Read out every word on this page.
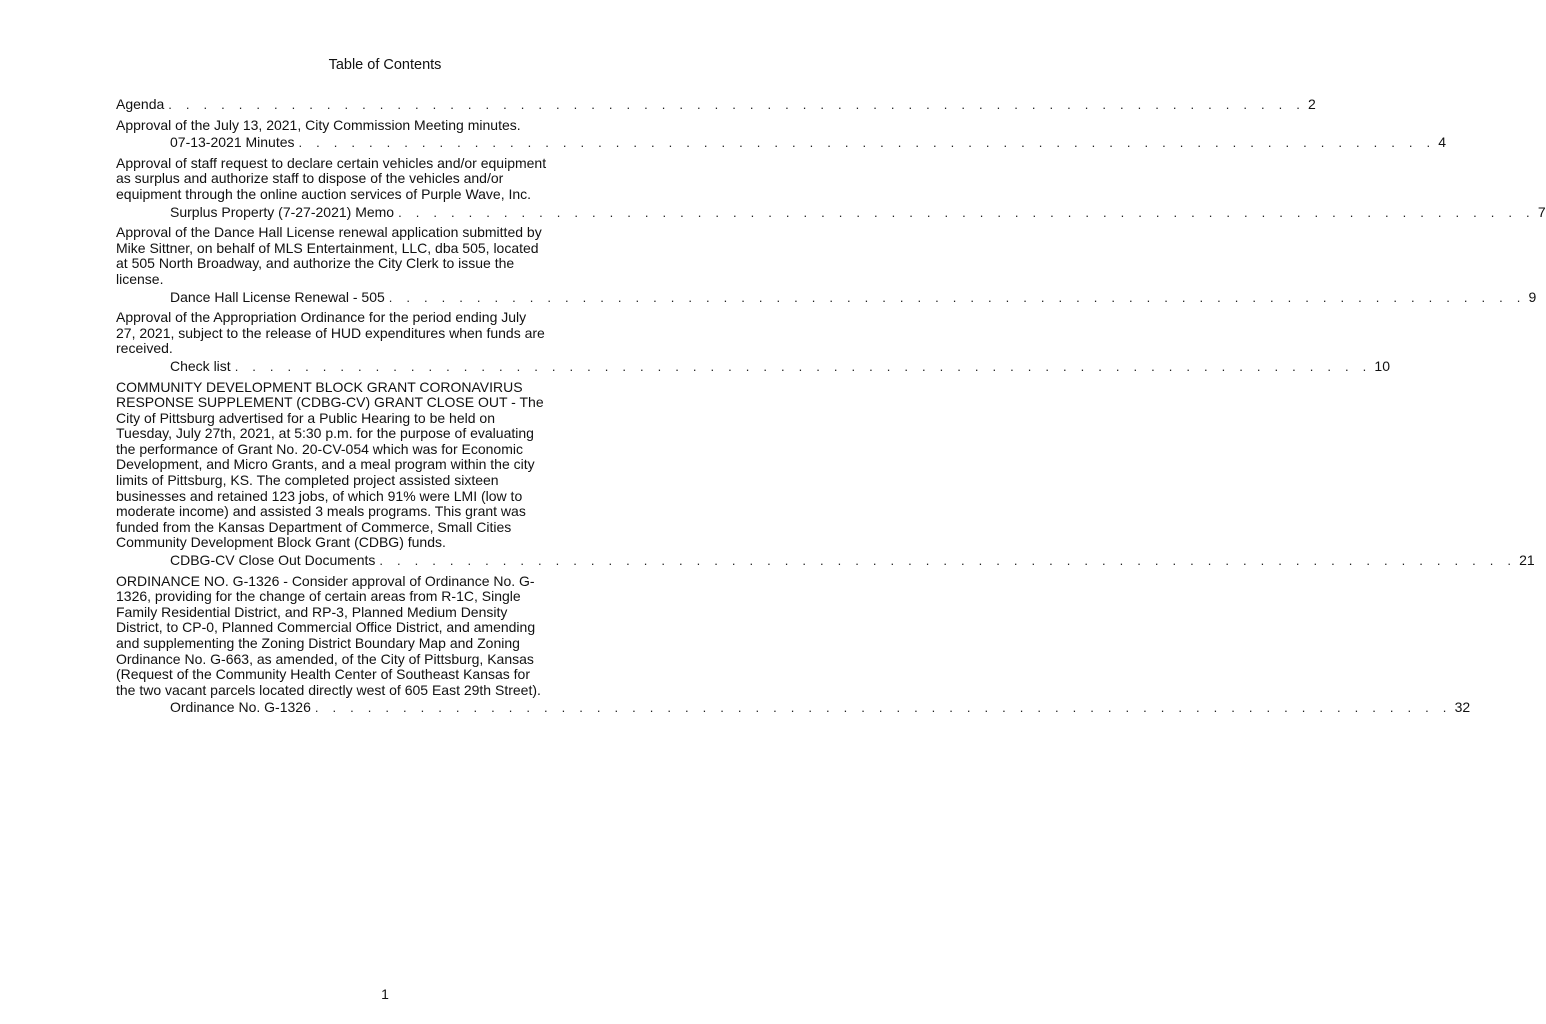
Table of Contents
Agenda . . . . . . . . . . . . . . . . . . . . . . . . . . . . . . . . . . . . . . . . . . . . . . . . . . . . . . . . . . . . . . . . . 2
Approval of the July 13, 2021, City Commission Meeting minutes.
07-13-2021 Minutes . . . . . . . . . . . . . . . . . . . . . . . . . . . . . . . . . . . . . . . . . . . . . . . . . . . . . . . . . . . . . . . . . 4
Approval of staff request to declare certain vehicles and/or equipment as surplus and authorize staff to dispose of the vehicles and/or equipment through the online auction services of Purple Wave, Inc.
Surplus Property (7-27-2021) Memo . . . . . . . . . . . . . . . . . . . . . . . . . . . . . . . . . . . . . . . . . . . . . . . . . . . . . . . . . . . . . . . . . 7
Approval of the Dance Hall License renewal application submitted by Mike Sittner, on behalf of MLS Entertainment, LLC, dba 505, located at 505 North Broadway, and authorize the City Clerk to issue the license.
Dance Hall License Renewal - 505 . . . . . . . . . . . . . . . . . . . . . . . . . . . . . . . . . . . . . . . . . . . . . . . . . . . . . . . . . . . . . . . . . 9
Approval of the Appropriation Ordinance for the period ending July 27, 2021, subject to the release of HUD expenditures when funds are received.
Check list . . . . . . . . . . . . . . . . . . . . . . . . . . . . . . . . . . . . . . . . . . . . . . . . . . . . . . . . . . . . . . . . . 10
COMMUNITY DEVELOPMENT BLOCK GRANT CORONAVIRUS RESPONSE SUPPLEMENT (CDBG-CV) GRANT CLOSE OUT - The City of Pittsburg advertised for a Public Hearing to be held on Tuesday, July 27th, 2021, at 5:30 p.m. for the purpose of evaluating the performance of Grant No. 20-CV-054 which was for Economic Development, and Micro Grants, and a meal program within the city limits of Pittsburg, KS. The completed project assisted sixteen businesses and retained 123 jobs, of which 91% were LMI (low to moderate income) and assisted 3 meals programs. This grant was funded from the Kansas Department of Commerce, Small Cities Community Development Block Grant (CDBG) funds.
CDBG-CV Close Out Documents . . . . . . . . . . . . . . . . . . . . . . . . . . . . . . . . . . . . . . . . . . . . . . . . . . . . . . . . . . . . . . . . . 21
ORDINANCE NO. G-1326 - Consider approval of Ordinance No. G-1326, providing for the change of certain areas from R-1C, Single Family Residential District, and RP-3, Planned Medium Density District, to CP-0, Planned Commercial Office District, and amending and supplementing the Zoning District Boundary Map and Zoning Ordinance No. G-663, as amended, of the City of Pittsburg, Kansas (Request of the Community Health Center of Southeast Kansas for the two vacant parcels located directly west of 605 East 29th Street).
Ordinance No. G-1326 . . . . . . . . . . . . . . . . . . . . . . . . . . . . . . . . . . . . . . . . . . . . . . . . . . . . . . . . . . . . . . . . . 32
1
